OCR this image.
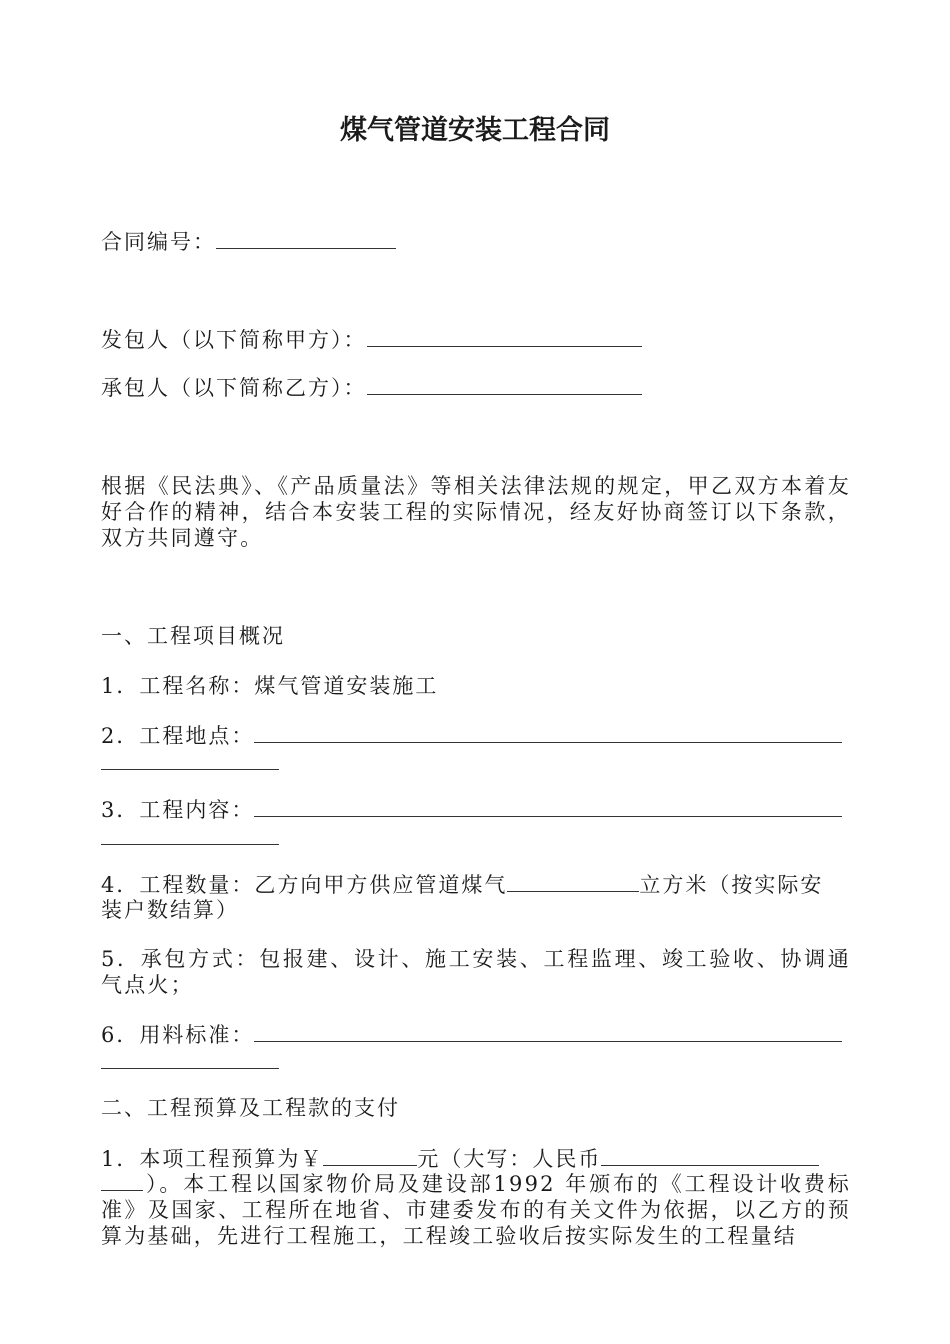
煤气管道安装工程合同
合同编号：
发包人（以下简称甲方）：
承包人（以下简称乙方）：
根据《民法典》、《产品质量法》等相关法律法规的规定，甲乙双方本着友好合作的精神，结合本安装工程的实际情况，经友好协商签订以下条款，双方共同遵守。
一、工程项目概况
1．工程名称：煤气管道安装施工
2．工程地点：
3．工程内容：
4．工程数量：乙方向甲方供应管道煤气	立方米（按实际安
装户数结算）
5．承包方式：包报建、设计、施工安装、工程监理、竣工验收、协调通气点火；
6．用料标准：
二、工程预算及工程款的支付
1．本项工程预算为￥	元（大写：人民币
）。本工程以国家物价局及建设部1992 年颁布的《工程设计收费标准》及国家、工程所在地省、市建委发布的有关文件为依据，以乙方的预算为基础，先进行工程施工，工程竣工验收后按实际发生的工程量结
